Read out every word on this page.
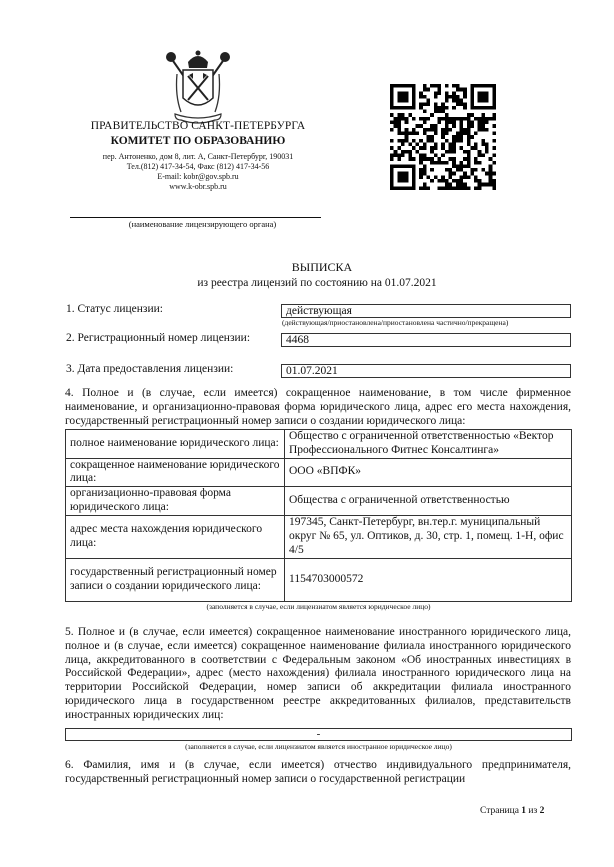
ПРАВИТЕЛЬСТВО САНКТ-ПЕТЕРБУРГА
КОМИТЕТ ПО ОБРАЗОВАНИЮ
пер. Антоненко, дом 8, лит. А, Санкт-Петербург, 190031
Тел.(812) 417-34-54, Факс (812) 417-34-56
E-mail: kobr@gov.spb.ru
www.k-obr.spb.ru
(наименование лицензирующего органа)
ВЫПИСКА
из реестра лицензий по состоянию на 01.07.2021
1. Статус лицензии:	действующая
(действующая/приостановлена/приостановлена частично/прекращена)
2. Регистрационный номер лицензии:	4468
3. Дата предоставления лицензии:	01.07.2021
4. Полное и (в случае, если имеется) сокращенное наименование, в том числе фирменное наименование, и организационно-правовая форма юридического лица, адрес его места нахождения, государственный регистрационный номер записи о создании юридического лица:
полное наименование юридического лица:	Общество с ограниченной ответственностью «Вектор Профессионального Фитнес Консалтинга»
сокращенное наименование юридического лица:	ООО «ВПФК»
организационно-правовая форма юридического лица:	Общества с ограниченной ответственностью
адрес места нахождения юридического лица:	197345, Санкт-Петербург, вн.тер.г. муниципальный округ № 65, ул. Оптиков, д. 30, стр. 1, помещ. 1-Н, офис 4/5
государственный регистрационный номер записи о создании юридического лица:	1154703000572
(заполняется в случае, если лицензиатом является юридическое лицо)
5. Полное и (в случае, если имеется) сокращенное наименование иностранного юридического лица, полное и (в случае, если имеется) сокращенное наименование филиала иностранного юридического лица, аккредитованного в соответствии с Федеральным законом «Об иностранных инвестициях в Российской Федерации», адрес (место нахождения) филиала иностранного юридического лица на территории Российской Федерации, номер записи об аккредитации филиала иностранного юридического лица в государственном реестре аккредитованных филиалов, представительств иностранных юридических лиц:
-
(заполняется в случае, если лицензиатом является иностранное юридическое лицо)
6. Фамилия, имя и (в случае, если имеется) отчество индивидуального предпринимателя, государственный регистрационный номер записи о государственной регистрации
Страница 1 из 2
